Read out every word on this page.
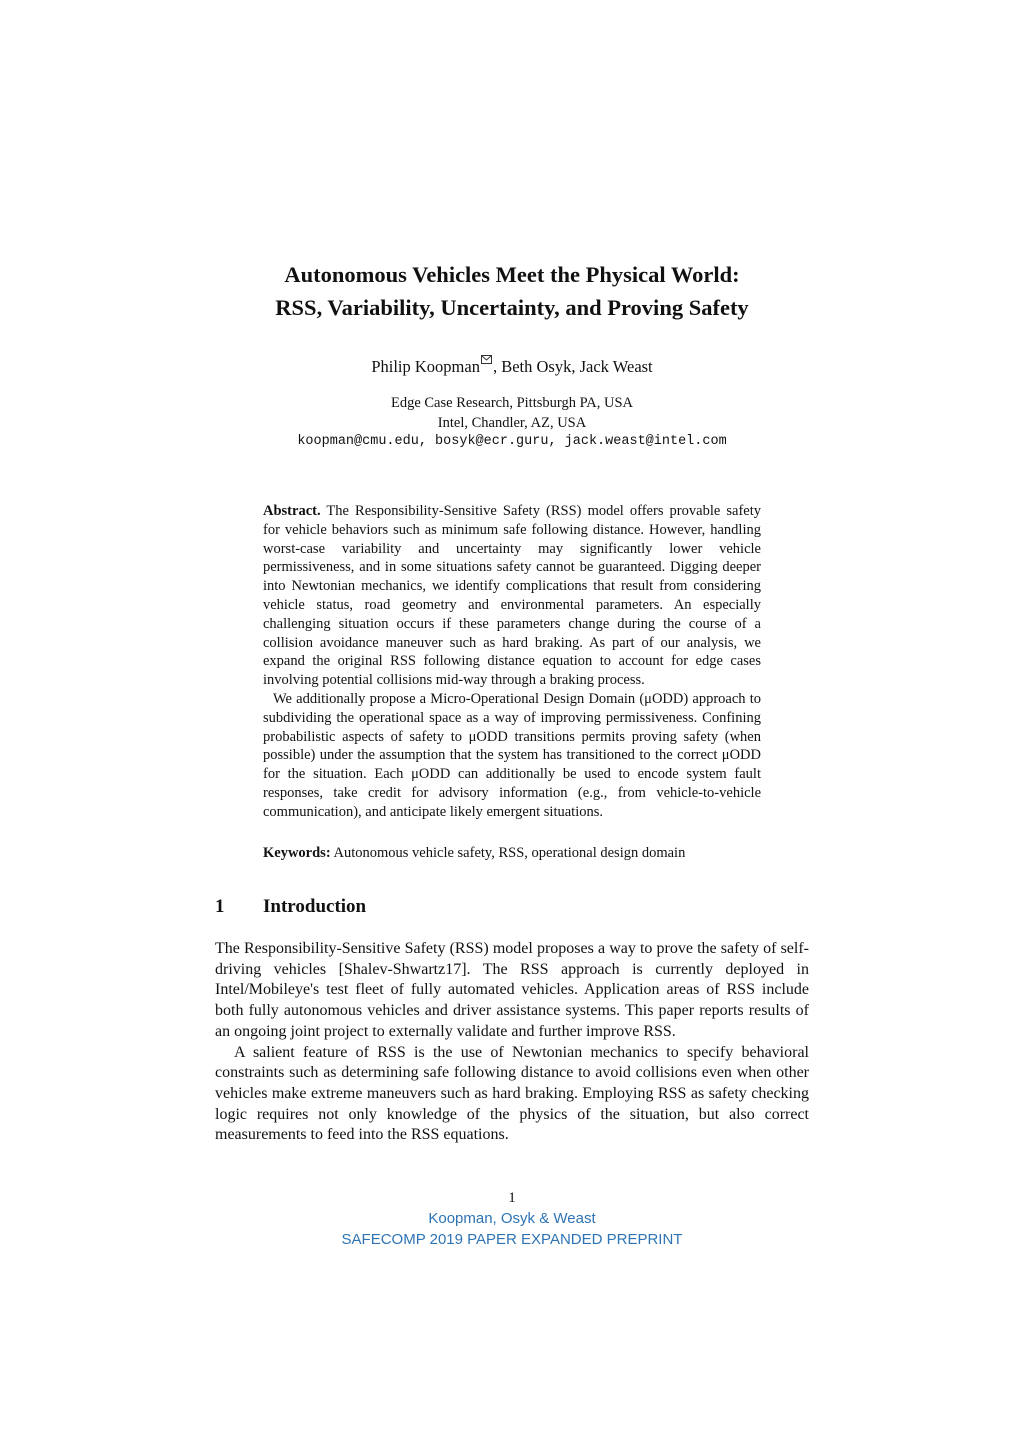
Autonomous Vehicles Meet the Physical World:
RSS, Variability, Uncertainty, and Proving Safety
Philip Koopman , Beth Osyk, Jack Weast
Edge Case Research, Pittsburgh PA, USA
Intel, Chandler, AZ, USA
koopman@cmu.edu, bosyk@ecr.guru, jack.weast@intel.com

Abstract. The Responsibility-Sensitive Safety (RSS) model offers provable safety for vehicle behaviors such as minimum safe following distance. However, handling worst-case variability and uncertainty may significantly lower vehicle permissiveness, and in some situations safety cannot be guaranteed. Digging deeper into Newtonian mechanics, we identify complications that result from considering vehicle status, road geometry and environmental parameters. An especially challenging situation occurs if these parameters change during the course of a collision avoidance maneuver such as hard braking. As part of our analysis, we expand the original RSS following distance equation to account for edge cases involving potential collisions mid-way through a braking process.

We additionally propose a Micro-Operational Design Domain (μODD) approach to subdividing the operational space as a way of improving permissiveness. Confining probabilistic aspects of safety to μODD transitions permits proving safety (when possible) under the assumption that the system has transitioned to the correct μODD for the situation. Each μODD can additionally be used to encode system fault responses, take credit for advisory information (e.g., from vehicle-to-vehicle communication), and anticipate likely emergent situations.

Keywords: Autonomous vehicle safety, RSS, operational design domain
1 Introduction

The Responsibility-Sensitive Safety (RSS) model proposes a way to prove the safety of self-driving vehicles [Shalev-Shwartz17]. The RSS approach is currently deployed in Intel/Mobileye's test fleet of fully automated vehicles. Application areas of RSS include both fully autonomous vehicles and driver assistance systems. This paper reports results of an ongoing joint project to externally validate and further improve RSS.

A salient feature of RSS is the use of Newtonian mechanics to specify behavioral constraints such as determining safe following distance to avoid collisions even when other vehicles make extreme maneuvers such as hard braking. Employing RSS as safety checking logic requires not only knowledge of the physics of the situation, but also correct measurements to feed into the RSS equations.

1
Koopman, Osyk & Weast
SAFECOMP 2019 PAPER EXPANDED PREPRINT
